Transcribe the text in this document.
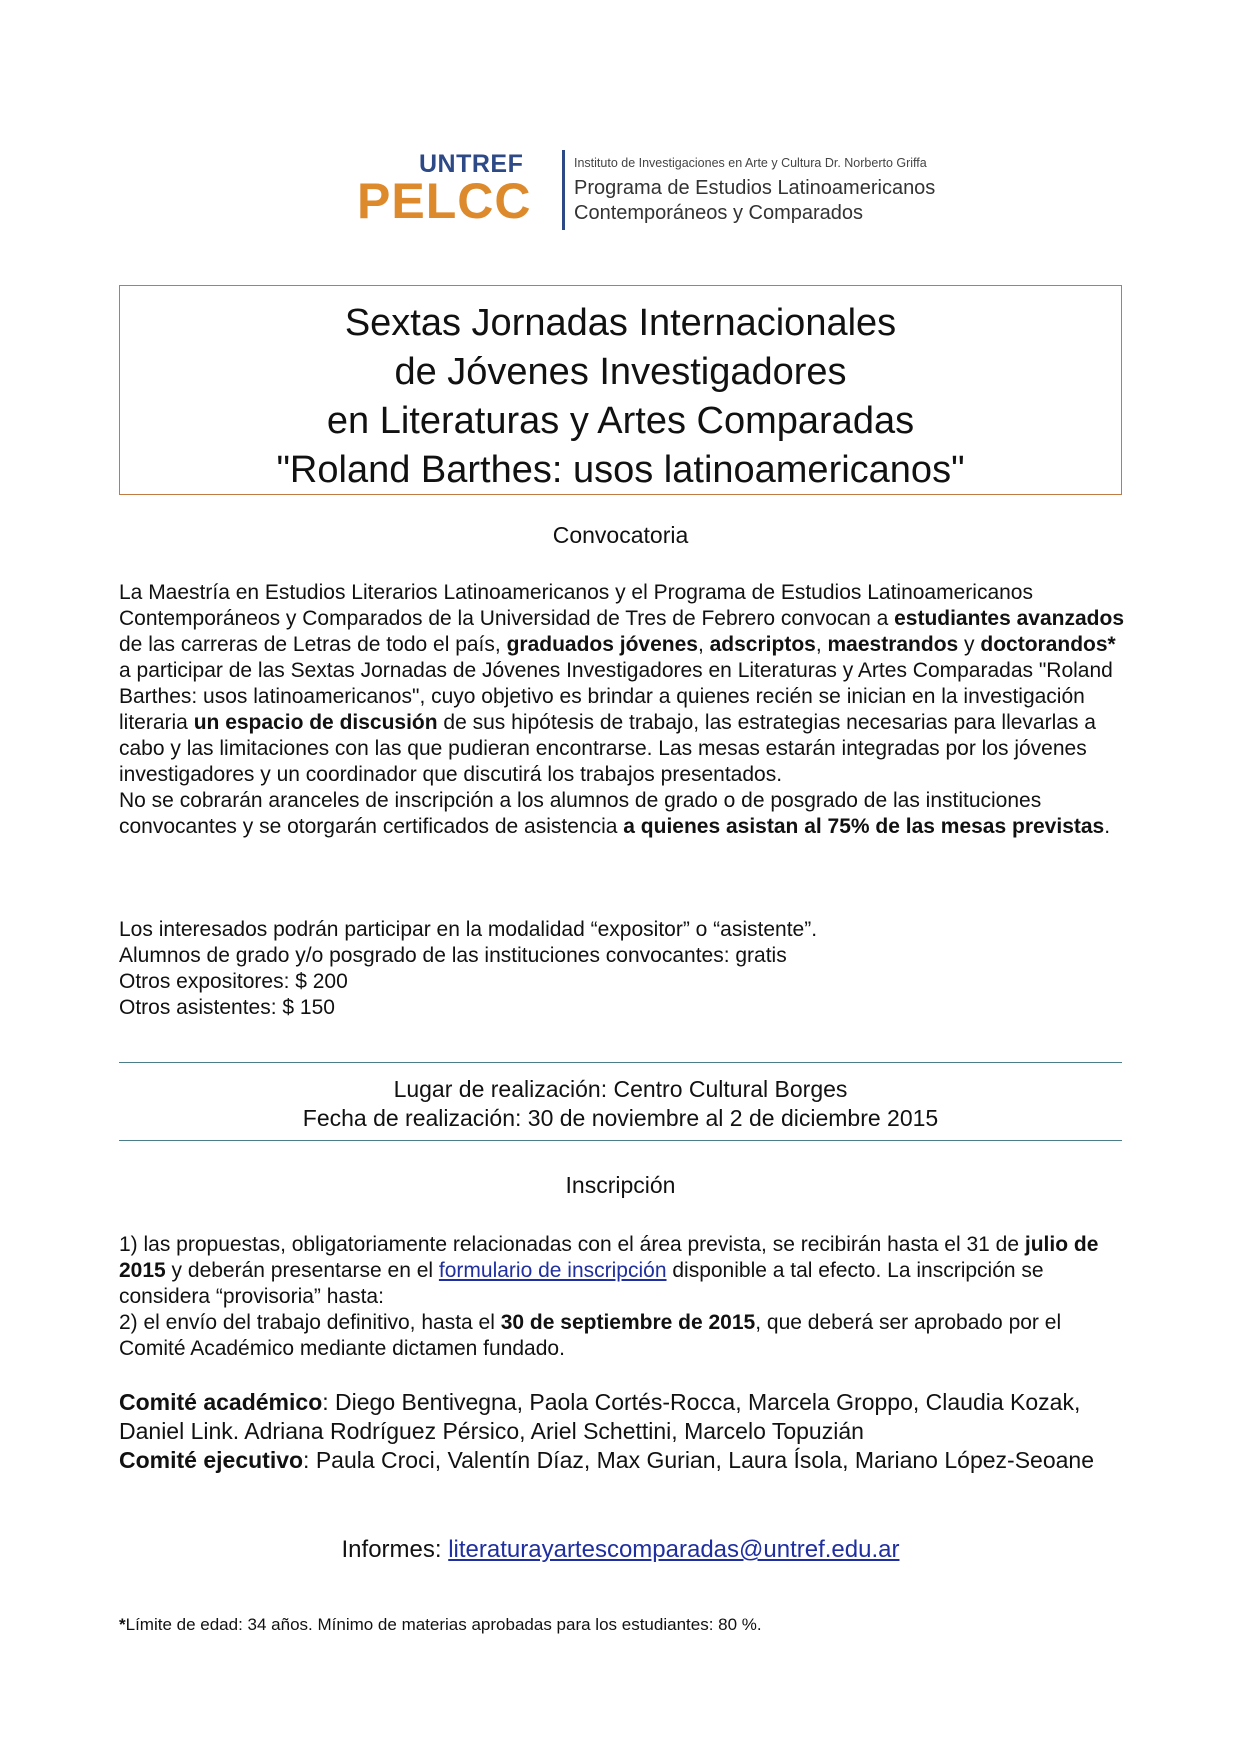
UNTREF
PELCC
Instituto de Investigaciones en Arte y Cultura Dr. Norberto Griffa
Programa de Estudios Latinoamericanos
Contemporáneos y Comparados
Sextas Jornadas Internacionales
de Jóvenes Investigadores
en Literaturas y Artes Comparadas
"Roland Barthes: usos latinoamericanos"
Convocatoria

La Maestría en Estudios Literarios Latinoamericanos y el Programa de Estudios Latinoamericanos Contemporáneos y Comparados de la Universidad de Tres de Febrero convocan a estudiantes avanzados de las carreras de Letras de todo el país, graduados jóvenes, adscriptos, maestrandos y doctorandos* a participar de las Sextas Jornadas de Jóvenes Investigadores en Literaturas y Artes Comparadas "Roland Barthes: usos latinoamericanos", cuyo objetivo es brindar a quienes recién se inician en la investigación literaria un espacio de discusión de sus hipótesis de trabajo, las estrategias necesarias para llevarlas a cabo y las limitaciones con las que pudieran encontrarse. Las mesas estarán integradas por los jóvenes investigadores y un coordinador que discutirá los trabajos presentados.

No se cobrarán aranceles de inscripción a los alumnos de grado o de posgrado de las instituciones convocantes y se otorgarán certificados de asistencia a quienes asistan al 75% de las mesas previstas.

Los interesados podrán participar en la modalidad “expositor” o “asistente”.
Alumnos de grado y/o posgrado de las instituciones convocantes: gratis
Otros expositores: $ 200
Otros asistentes: $ 150
Lugar de realización: Centro Cultural Borges
Fecha de realización: 30 de noviembre al 2 de diciembre 2015
Inscripción

1) las propuestas, obligatoriamente relacionadas con el área prevista, se recibirán hasta el 31 de julio de 2015 y deberán presentarse en el formulario de inscripción disponible a tal efecto. La inscripción se considera “provisoria” hasta:

2) el envío del trabajo definitivo, hasta el 30 de septiembre de 2015, que deberá ser aprobado por el Comité Académico mediante dictamen fundado.

Comité académico: Diego Bentivegna, Paola Cortés-Rocca, Marcela Groppo, Claudia Kozak, Daniel Link. Adriana Rodríguez Pérsico, Ariel Schettini, Marcelo Topuzián

Comité ejecutivo: Paula Croci, Valentín Díaz, Max Gurian, Laura Ísola, Mariano López-Seoane

Informes: literaturayartescomparadas@untref.edu.ar
*Límite de edad: 34 años. Mínimo de materias aprobadas para los estudiantes: 80 %.
